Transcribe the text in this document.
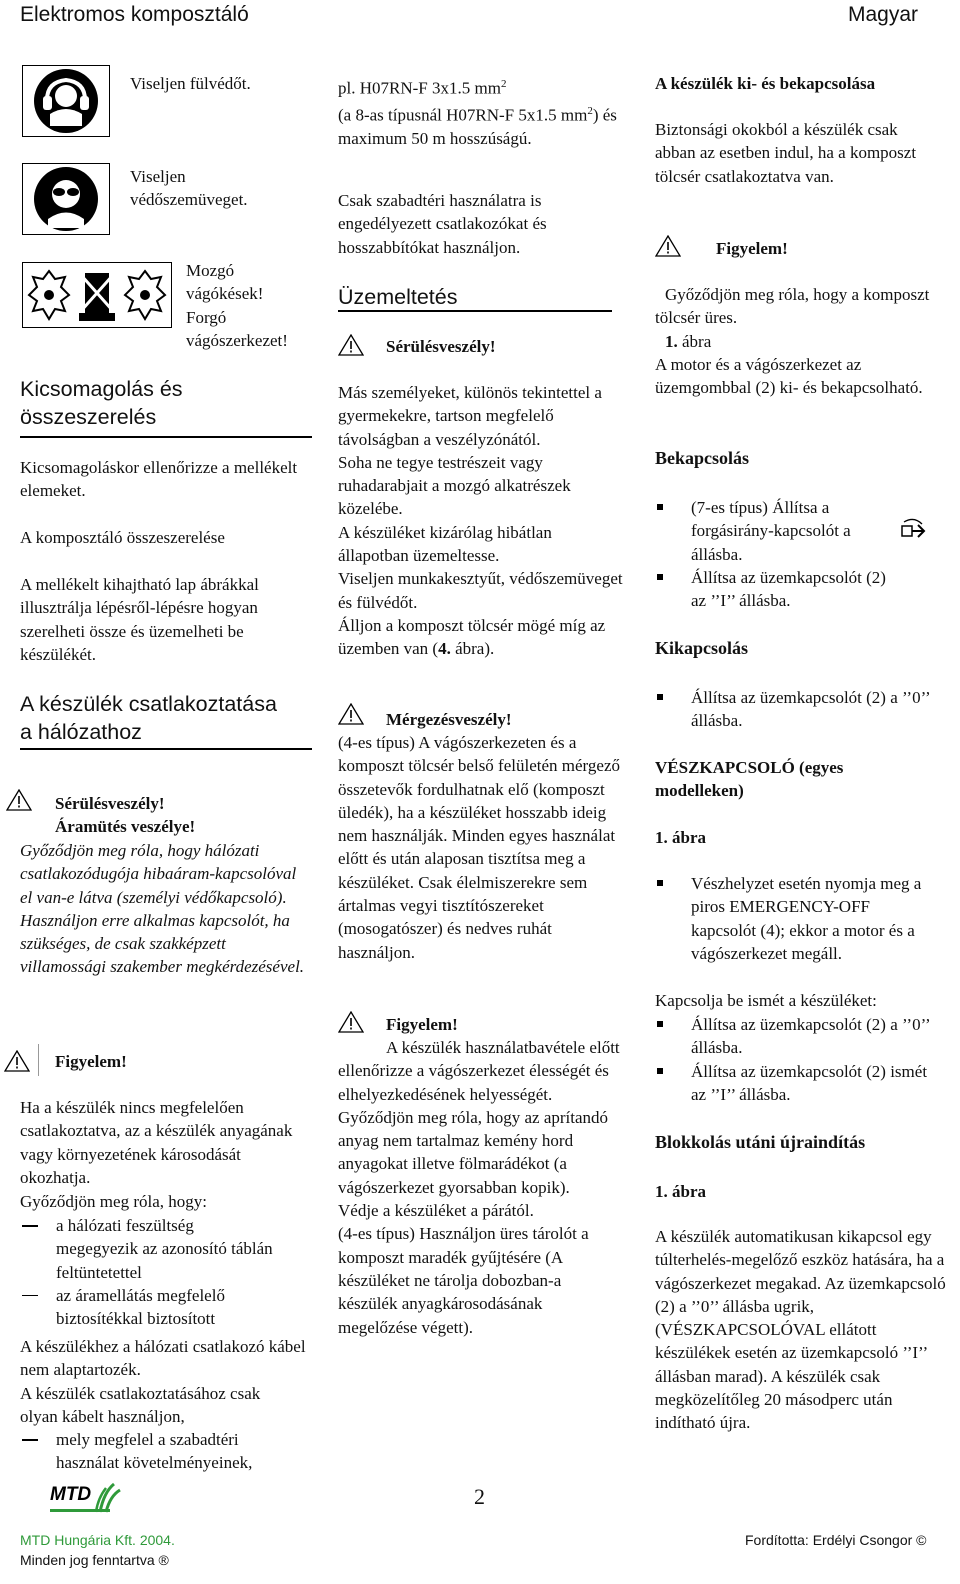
Elektromos komposztáló	Magyar
Viseljen fülvédőt.
Viseljen
védőszemüveget.
Mozgó
vágókések!
Forgó
vágószerkezet!
Kicsomagolás és
összeszerelés
Kicsomagoláskor ellenőrizze a mellékelt elemeket.
A komposztáló összeszerelése
A mellékelt kihajtható lap ábrákkal illusztrálja lépésről-lépésre hogyan szerelheti össze és üzemelheti be készülékét.
A készülék csatlakoztatása
a hálózathoz
Sérülésveszély!
Áramütés veszélye!
Győződjön meg róla, hogy hálózati csatlakozódugója hibaáram-kapcsolóval el van-e látva (személyi védőkapcsoló). Használjon erre alkalmas kapcsolót, ha szükséges, de csak szakképzett villamossági szakember megkérdezésével.
Figyelem!
Ha a készülék nincs megfelelően csatlakoztatva, az a készülék anyagának vagy környezetének károsodását okozhatja.
Győződjön meg róla, hogy:
a hálózati feszültség megegyezik az azonosító táblán feltüntetettel
az áramellátás megfelelő biztosítékkal biztosított
A készülékhez a hálózati csatlakozó kábel nem alaptartozék.
A készülék csatlakoztatásához csak olyan kábelt használjon,
mely megfelel a szabadtéri használat követelményeinek,
pl. H07RN-F 3x1.5 $mm^2$
(a 8-as típusnál H07RN-F 5x1.5 $mm^2$) és maximum 50 m hosszúságú.
Csak szabadtéri használatra is engedélyezett csatlakozókat és hosszabbítókat használjon.
Üzemeltetés
Sérülésveszély!
Más személyeket, különös tekintettel a gyermekekre, tartson megfelelő távolságban a veszélyzónától.
Soha ne tegye testrészeit vagy ruhadarabjait a mozgó alkatrészek közelébe.
A készüléket kizárólag hibátlan állapotban üzemeltesse.
Viseljen munkakesztyűt, védőszemüveget és fülvédőt.
Álljon a komposzt tölcsér mögé míg az üzemben van (4. ábra).
Mérgezésveszély!
(4-es típus) A vágószerkezeten és a komposzt tölcsér belső felületén mérgező összetevők fordulhatnak elő (komposzt üledék), ha a készüléket hosszabb ideig nem használják. Minden egyes használat előtt és után alaposan tisztítsa meg a készüléket. Csak élelmiszerekre sem ártalmas vegyi tisztítószereket (mosogatószer) és nedves ruhát használjon.
Figyelem!
A készülék használatbavétele előtt ellenőrizze a vágószerkezet élességét és elhelyezkedésének helyességét.
Győződjön meg róla, hogy az aprítandó anyag nem tartalmaz kemény hord anyagokat illetve fölmarádékot (a vágószerkezet gyorsabban kopik).
Védje a készüléket a párától.
(4-es típus) Használjon üres tárolót a komposzt maradék gyűjtésére (A készüléket ne tárolja dobozban-a készülék anyagkárosodásának megelőzése végett).
2
A készülék ki- és bekapcsolása
Biztonsági okokból a készülék csak abban az esetben indul, ha a komposzt tölcsér csatlakoztatva van.
Figyelem!
Győződjön meg róla, hogy a komposzt tölcsér üres.
1. ábra
A motor és a vágószerkezet az üzemgombbal (2) ki- és bekapcsolható.
Bekapcsolás
(7-es típus) Állítsa a forgásirány-kapcsolót a állásba.
Állítsa az üzemkapcsolót (2) az ’’I’’ állásba.
Kikapcsolás
Állítsa az üzemkapcsolót (2) a ’’0’’ állásba.
VÉSZKAPCSOLÓ (egyes modelleken)
1. ábra
Vészhelyzet esetén nyomja meg a piros EMERGENCY-OFF kapcsolót (4); ekkor a motor és a vágószerkezet megáll.
Kapcsolja be ismét a készüléket:
Állítsa az üzemkapcsolót (2) a ’’0’’ állásba.
Állítsa az üzemkapcsolót (2) ismét az ’’I’’ állásba.
Blokkolás utáni újraindítás
1. ábra
A készülék automatikusan kikapcsol egy túlterhelés-megelőző eszköz hatására, ha a vágószerkezet megakad. Az üzemkapcsoló (2) a ’’0’’ állásba ugrik, (VÉSZKAPCSOLÓVAL ellátott készülékek esetén az üzemkapcsoló ’’I’’ állásban marad). A készülék csak megközelítőleg 20 másodperc után indítható újra.
MTD
MTD Hungária Kft. 2004.
Minden jog fenntartva ®
Fordította: Erdélyi Csongor ©
